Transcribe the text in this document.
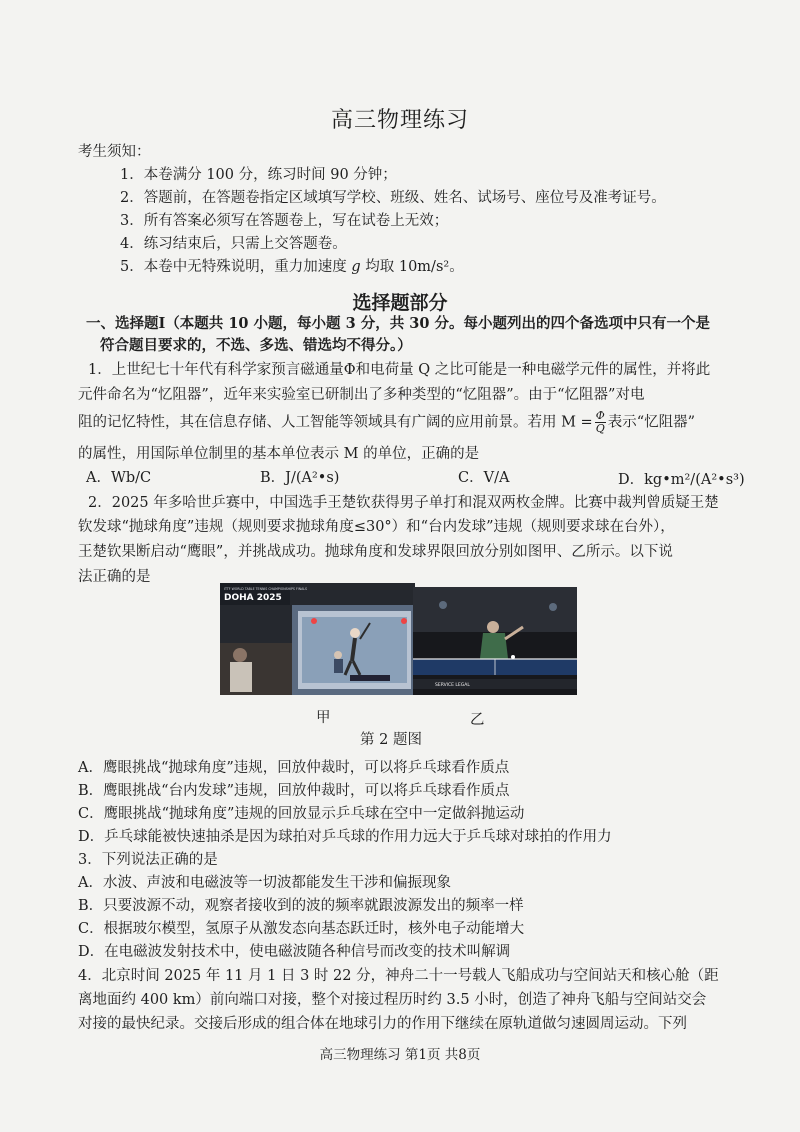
高三物理练习
考生须知：
1．本卷满分 100 分，练习时间 90 分钟；
2．答题前，在答题卷指定区域填写学校、班级、姓名、试场号、座位号及准考证号。
3．所有答案必须写在答题卷上，写在试卷上无效；
4．练习结束后，只需上交答题卷。
5．本卷中无特殊说明，重力加速度 g 均取 10m/s²。
选择题部分
一、选择题Ⅰ（本题共 10 小题，每小题 3 分，共 30 分。每小题列出的四个备选项中只有一个是
符合题目要求的，不选、多选、错选均不得分。）
1．上世纪七十年代有科学家预言磁通量Φ和电荷量 Q 之比可能是一种电磁学元件的属性，并将此
元件命名为“忆阻器”，近年来实验室已研制出了多种类型的“忆阻器”。由于“忆阻器”对电
阻的记忆特性，其在信息存储、人工智能等领域具有广阔的应用前景。若用 $M = \frac{\Phi}{Q}$ 表示“忆阻器”
的属性，用国际单位制里的基本单位表示 M 的单位，正确的是
A．Wb/C	B．J/(A²•s)	C．V/A	D．kg•m²/(A²•s³)
2．2025 年多哈世乒赛中，中国选手王楚钦获得男子单打和混双两枚金牌。比赛中裁判曾质疑王楚
钦发球“抛球角度”违规（规则要求抛球角度≤30°）和“台内发球”违规（规则要求球在台外），
王楚钦果断启动“鹰眼”，并挑战成功。抛球角度和发球界限回放分别如图甲、乙所示。以下说
法正确的是
ITTF WORLD TABLE TENNIS CHAMPIONSHIPS FINALS
DOHA 2025
SERVICE LEGAL
甲	乙
第 2 题图
A．鹰眼挑战“抛球角度”违规，回放仲裁时，可以将乒乓球看作质点
B．鹰眼挑战“台内发球”违规，回放仲裁时，可以将乒乓球看作质点
C．鹰眼挑战“抛球角度”违规的回放显示乒乓球在空中一定做斜抛运动
D．乒乓球能被快速抽杀是因为球拍对乒乓球的作用力远大于乒乓球对球拍的作用力
3．下列说法正确的是
A．水波、声波和电磁波等一切波都能发生干涉和偏振现象
B．只要波源不动，观察者接收到的波的频率就跟波源发出的频率一样
C．根据玻尔模型，氢原子从激发态向基态跃迁时，核外电子动能增大
D．在电磁波发射技术中，使电磁波随各种信号而改变的技术叫解调
4．北京时间 2025 年 11 月 1 日 3 时 22 分，神舟二十一号载人飞船成功与空间站天和核心舱（距
离地面约 400 km）前向端口对接，整个对接过程历时约 3.5 小时，创造了神舟飞船与空间站交会
对接的最快纪录。交接后形成的组合体在地球引力的作用下继续在原轨道做匀速圆周运动。下列
高三物理练习 第1页 共8页
